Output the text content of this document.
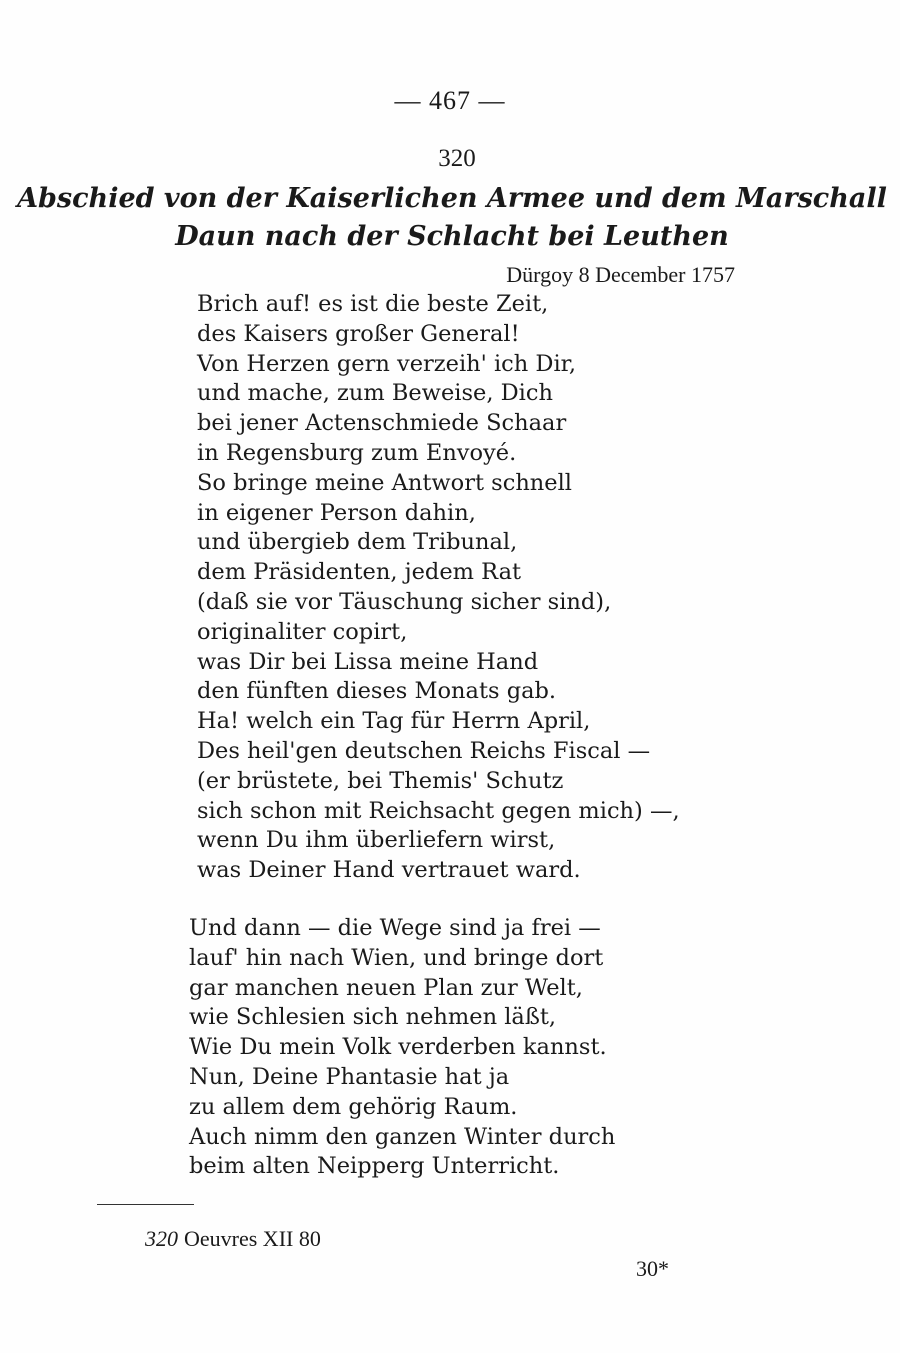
— 467 —
320
Abschied von der Kaiserlichen Armee und dem Marschall
Daun nach der Schlacht bei Leuthen
Dürgoy 8 December 1757
Brich auf! es ist die beste Zeit,
des Kaisers großer General!
Von Herzen gern verzeih' ich Dir,
und mache, zum Beweise, Dich
bei jener Actenschmiede Schaar
in Regensburg zum Envoyé.
So bringe meine Antwort schnell
in eigener Person dahin,
und übergieb dem Tribunal,
dem Präsidenten, jedem Rat
(daß sie vor Täuschung sicher sind),
originaliter copirt,
was Dir bei Lissa meine Hand
den fünften dieses Monats gab.
Ha! welch ein Tag für Herrn April,
Des heil'gen deutschen Reichs Fiscal —
(er brüstete, bei Themis' Schutz
sich schon mit Reichsacht gegen mich) —,
wenn Du ihm überliefern wirst,
was Deiner Hand vertrauet ward.
Und dann — die Wege sind ja frei —
lauf' hin nach Wien, und bringe dort
gar manchen neuen Plan zur Welt,
wie Schlesien sich nehmen läßt,
Wie Du mein Volk verderben kannst.
Nun, Deine Phantasie hat ja
zu allem dem gehörig Raum.
Auch nimm den ganzen Winter durch
beim alten Neipperg Unterricht.
320 Oeuvres XII 80
30*
